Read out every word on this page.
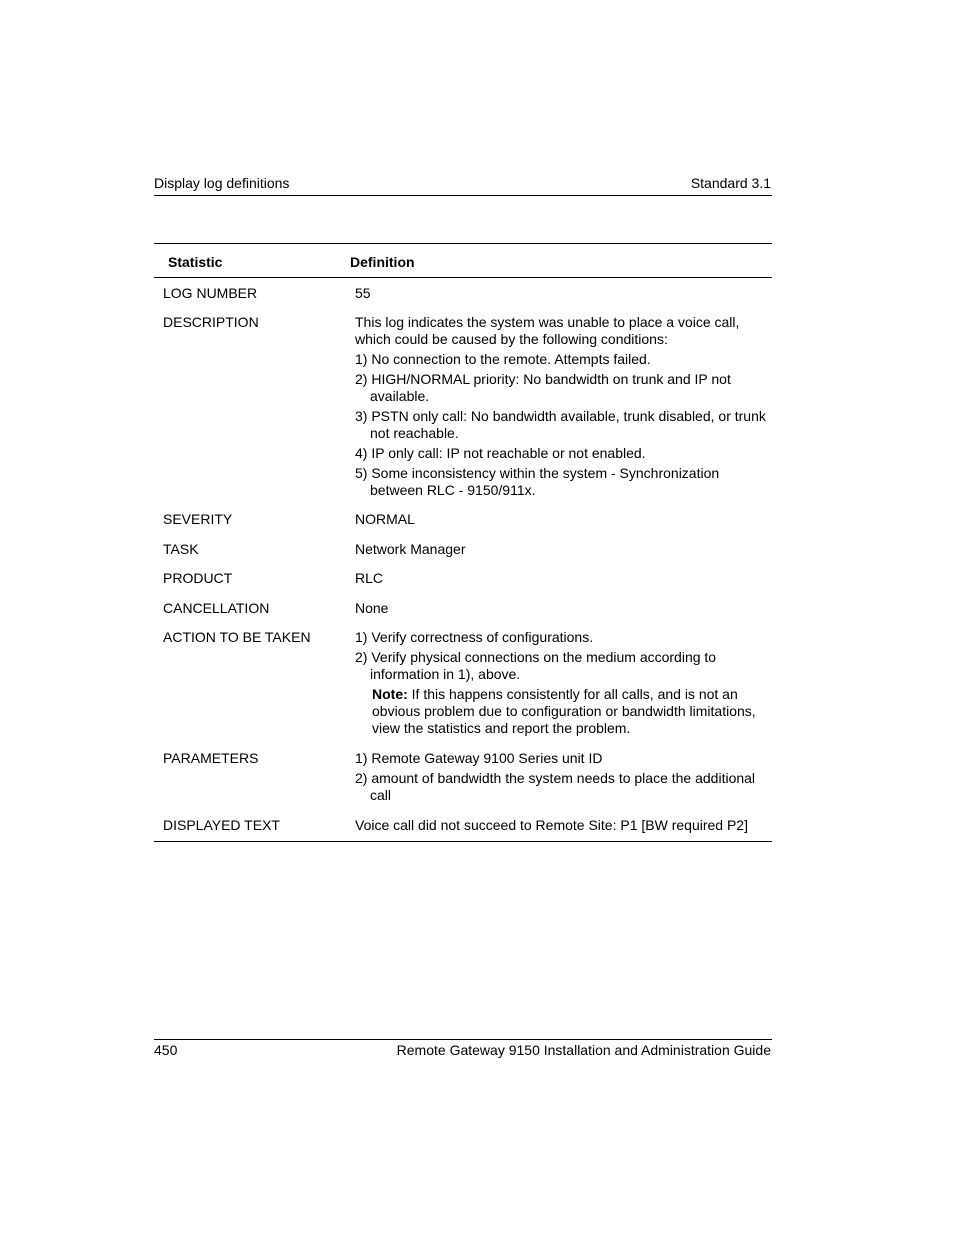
Display log definitions	Standard 3.1
Statistic	Definition
LOG NUMBER	55
DESCRIPTION	This log indicates the system was unable to place a voice call, which could be caused by the following conditions:
1) No connection to the remote. Attempts failed.
2) HIGH/NORMAL priority: No bandwidth on trunk and IP not available.
3) PSTN only call: No bandwidth available, trunk disabled, or trunk not reachable.
4) IP only call: IP not reachable or not enabled.
5) Some inconsistency within the system - Synchronization between RLC - 9150/911x.
SEVERITY	NORMAL
TASK	Network Manager
PRODUCT	RLC
CANCELLATION	None
ACTION TO BE TAKEN	1) Verify correctness of configurations.
2) Verify physical connections on the medium according to information in 1), above.
Note: If this happens consistently for all calls, and is not an obvious problem due to configuration or bandwidth limitations, view the statistics and report the problem.
PARAMETERS	1) Remote Gateway 9100 Series unit ID
2) amount of bandwidth the system needs to place the additional call
DISPLAYED TEXT	Voice call did not succeed to Remote Site: P1 [BW required P2]
450	Remote Gateway 9150 Installation and Administration Guide
